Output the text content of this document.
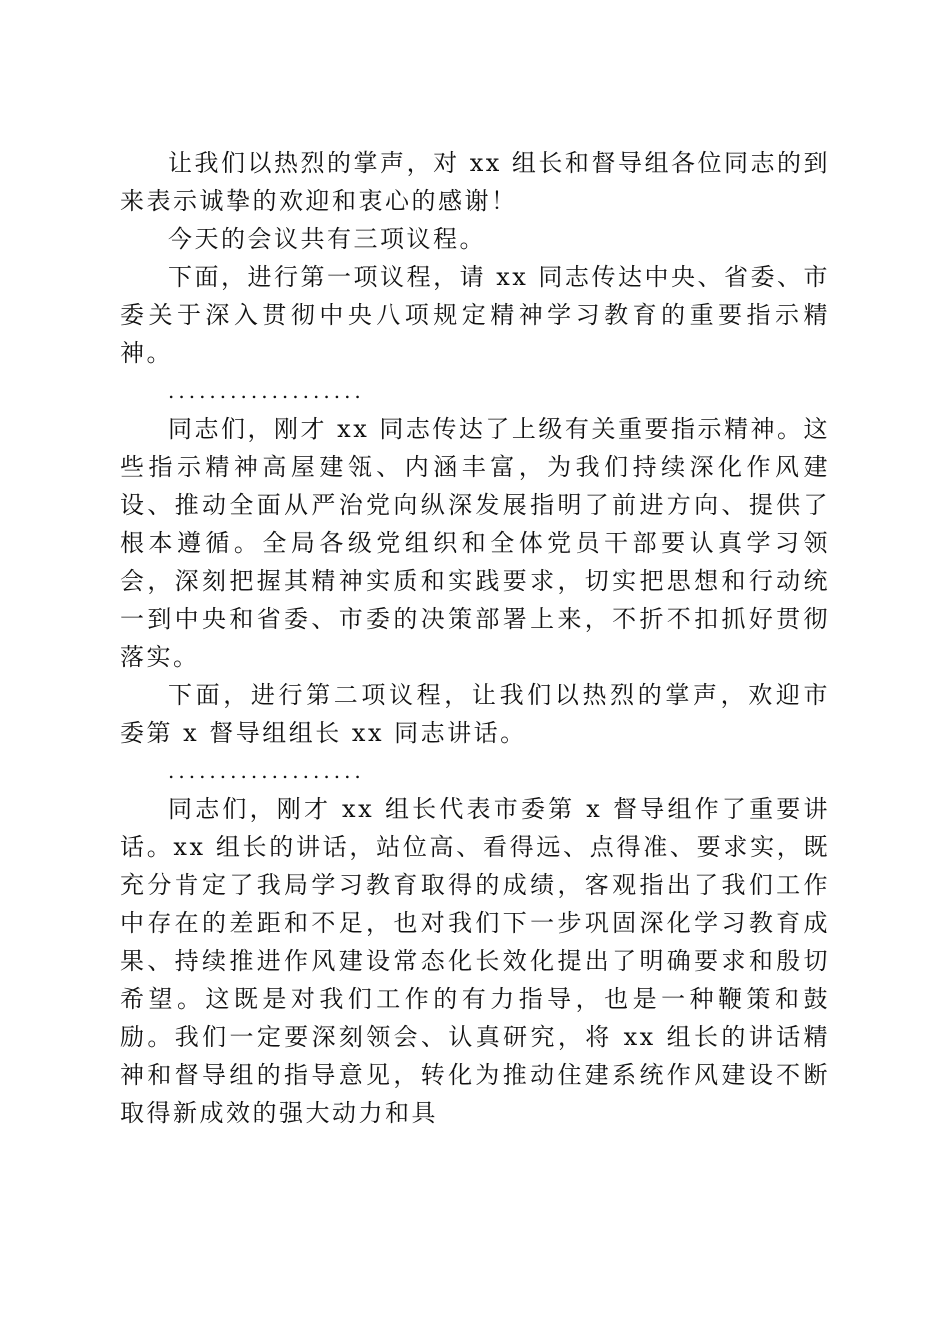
让我们以热烈的掌声，对 xx 组长和督导组各位同志的到来表示诚挚的欢迎和衷心的感谢！

今天的会议共有三项议程。

下面，进行第一项议程，请 xx 同志传达中央、省委、市委关于深入贯彻中央八项规定精神学习教育的重要指示精神。

...................

同志们，刚才 xx 同志传达了上级有关重要指示精神。这些指示精神高屋建瓴、内涵丰富，为我们持续深化作风建设、推动全面从严治党向纵深发展指明了前进方向、提供了根本遵循。全局各级党组织和全体党员干部要认真学习领会，深刻把握其精神实质和实践要求，切实把思想和行动统一到中央和省委、市委的决策部署上来，不折不扣抓好贯彻落实。

下面，进行第二项议程，让我们以热烈的掌声，欢迎市委第 x 督导组组长 xx 同志讲话。

...................

同志们，刚才 xx 组长代表市委第 x 督导组作了重要讲话。xx 组长的讲话，站位高、看得远、点得准、要求实，既充分肯定了我局学习教育取得的成绩，客观指出了我们工作中存在的差距和不足，也对我们下一步巩固深化学习教育成果、持续推进作风建设常态化长效化提出了明确要求和殷切希望。这既是对我们工作的有力指导，也是一种鞭策和鼓励。我们一定要深刻领会、认真研究，将 xx 组长的讲话精神和督导组的指导意见，转化为推动住建系统作风建设不断取得新成效的强大动力和具
